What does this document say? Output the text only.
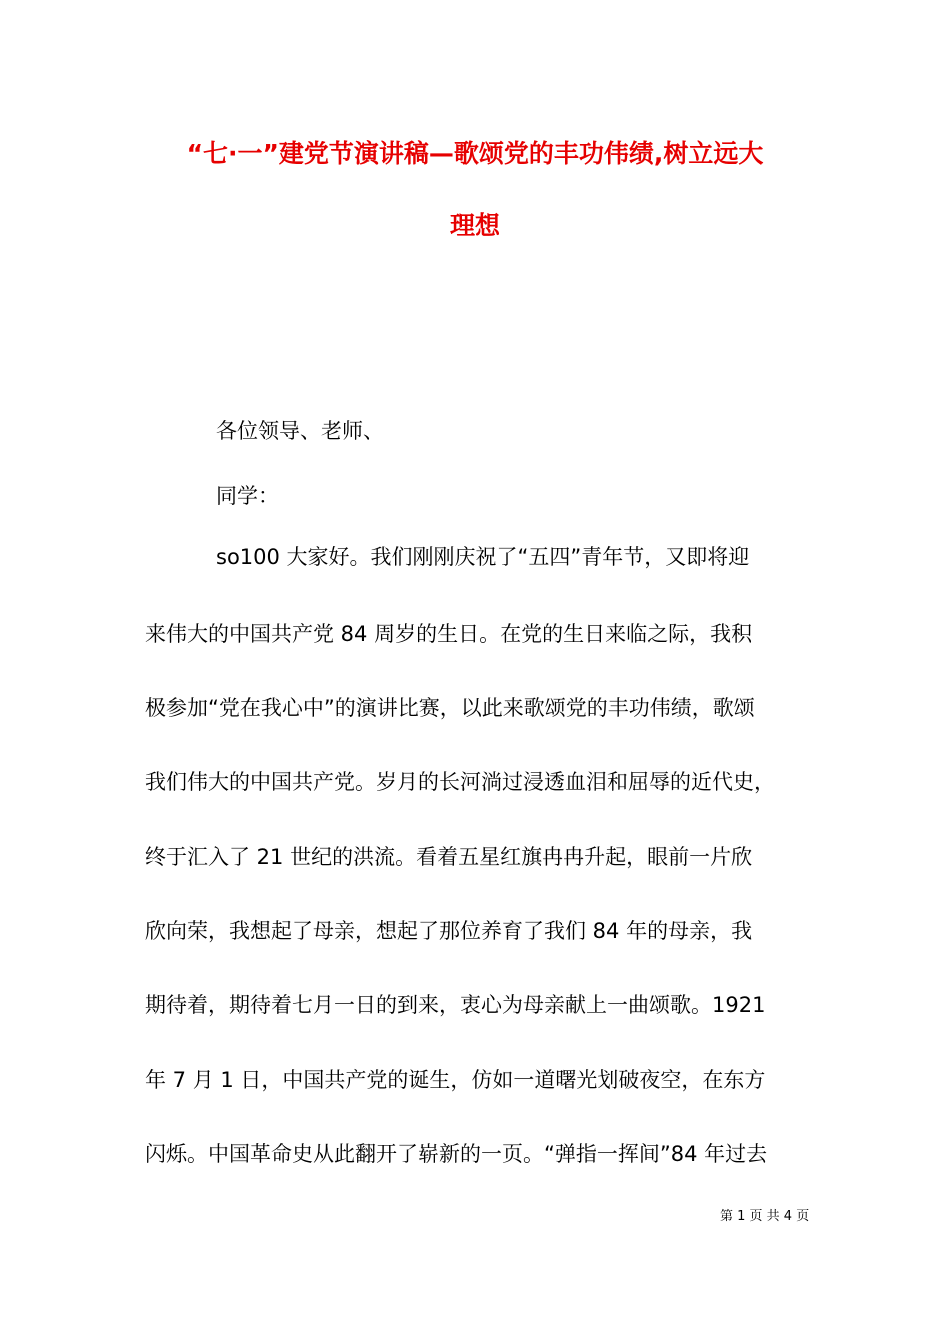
“七·一”建党节演讲稿—歌颂党的丰功伟绩,树立远大
理想
各位领导、老师、
同学：
so100 大家好。我们刚刚庆祝了“五四”青年节，又即将迎
来伟大的中国共产党 84 周岁的生日。在党的生日来临之际，我积
极参加“党在我心中”的演讲比赛，以此来歌颂党的丰功伟绩，歌颂
我们伟大的中国共产党。岁月的长河淌过浸透血泪和屈辱的近代史，
终于汇入了 21 世纪的洪流。看着五星红旗冉冉升起，眼前一片欣
欣向荣，我想起了母亲，想起了那位养育了我们 84 年的母亲，我
期待着，期待着七月一日的到来，衷心为母亲献上一曲颂歌。1921
年 7 月 1 日，中国共产党的诞生，仿如一道曙光划破夜空，在东方
闪烁。中国革命史从此翻开了崭新的一页。“弹指一挥间”84 年过去
第 1 页 共 4 页
